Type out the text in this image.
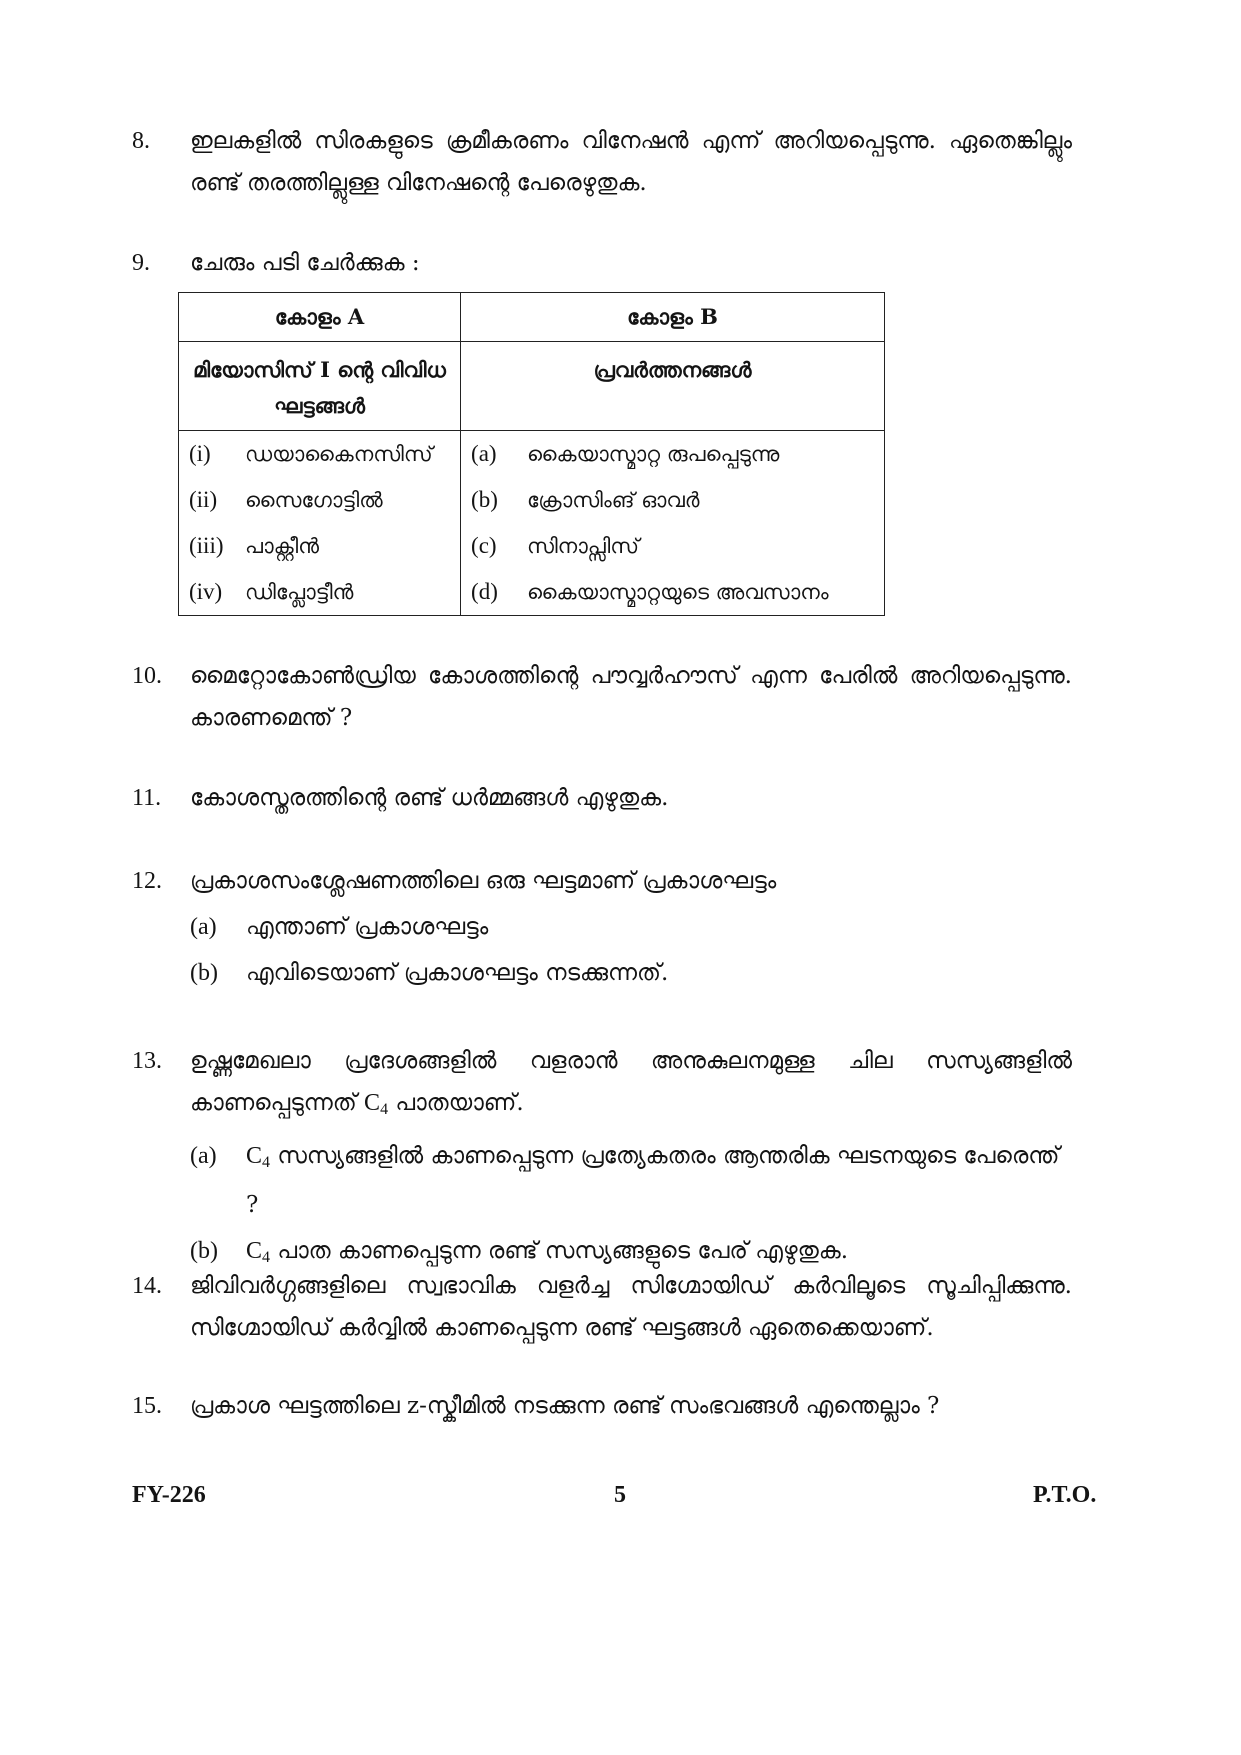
8.	ഇലകളിൽ സിരകളുടെ ക്രമീകരണം വിനേഷൻ എന്ന് അറിയപ്പെടുന്നു. ഏതെങ്കില്ലും രണ്ട് തരത്തില്ലുള്ള വിനേഷന്റെ പേരെഴുതുക.
9.	ചേരും പടി ചേർക്കുക :
കോളം A	കോളം B
മിയോസിസ് I ന്റെ വിവിധ ഘട്ടങ്ങൾ	പ്രവർത്തനങ്ങൾ
(i) ഡയാകൈനസിസ്	(a) കൈയാസ്മാറ്റ രുപപ്പെടുന്നു
(ii) സൈഗോട്ടിൽ	(b) ക്രോസിംങ് ഓവർ
(iii) പാക്റ്റീൻ	(c) സിനാപ്സിസ്
(iv) ഡിപ്ലോട്ടീൻ	(d) കൈയാസ്മാറ്റയുടെ അവസാനം
10.	മൈറ്റോകോൺഡ്രിയ കോശത്തിന്റെ പൗവ്വർഹൗസ് എന്ന പേരിൽ അറിയപ്പെടുന്നു. കാരണമെന്ത് ?
11.	കോശസ്തരത്തിന്റെ രണ്ട് ധർമ്മങ്ങൾ എഴുതുക.
12.	പ്രകാശസംശ്ലേഷണത്തിലെ ഒരു ഘട്ടമാണ് പ്രകാശഘട്ടം
(a) എന്താണ് പ്രകാശഘട്ടം
(b) എവിടെയാണ് പ്രകാശഘട്ടം നടക്കുന്നത്.
13.	ഉഷ്ണമേഖലാ പ്രദേശങ്ങളിൽ വളരാൻ അനുകുലനമുള്ള ചില സസ്യങ്ങളിൽ കാണപ്പെടുന്നത് $C_4$ പാതയാണ്.
(a) $C_4$ സസ്യങ്ങളിൽ കാണപ്പെടുന്ന പ്രത്യേകതരം ആന്തരിക ഘടനയുടെ പേരെന്ത് ?
(b) $C_4$ പാത കാണപ്പെടുന്ന രണ്ട് സസ്യങ്ങളുടെ പേര് എഴുതുക.
14.	ജിവിവർഗ്ഗങ്ങളിലെ സ്വഭാവിക വളർച്ച സിഗ്മോയിഡ് കർവിലൂടെ സൂചിപ്പിക്കുന്നു. സിഗ്മോയിഡ് കർവ്വിൽ കാണപ്പെടുന്ന രണ്ട് ഘട്ടങ്ങൾ ഏതെക്കെയാണ്.
15.	പ്രകാശ ഘട്ടത്തിലെ z-സ്കീമിൽ നടക്കുന്ന രണ്ട് സംഭവങ്ങൾ എന്തെല്ലാം ?
FY-226	5	P.T.O.
